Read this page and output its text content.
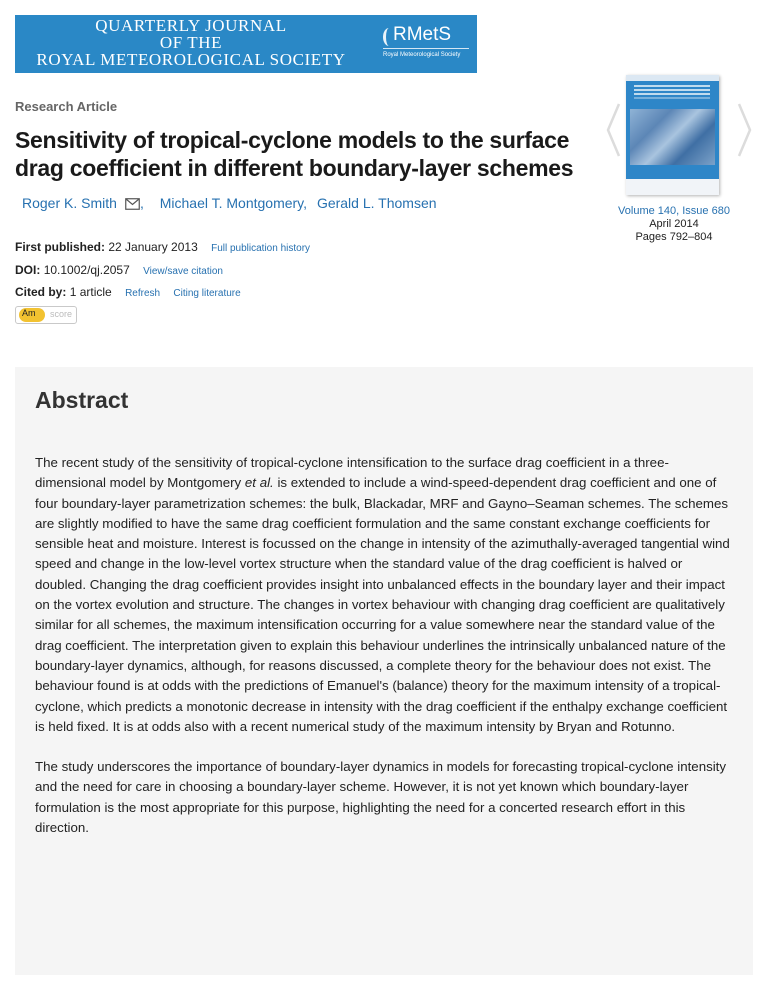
QUARTERLY JOURNAL
OF THE
ROYAL METEOROLOGICAL SOCIETY
RMetS
Royal Meteorological Society
Research Article
Sensitivity of tropical-cyclone models to the surface drag coefficient in different boundary-layer schemes
Roger K. Smith , Michael T. Montgomery, Gerald L. Thomsen
First published: 22 January 2013 Full publication history
DOI: 10.1002/qj.2057 View/save citation
Cited by: 1 article Refresh Citing literature
Am score
Volume 140, Issue 680
April 2014
Pages 792–804
Abstract

The recent study of the sensitivity of tropical-cyclone intensification to the surface drag coefficient in a three-dimensional model by Montgomery et al. is extended to include a wind-speed-dependent drag coefficient and one of four boundary-layer parametrization schemes: the bulk, Blackadar, MRF and Gayno–Seaman schemes. The schemes are slightly modified to have the same drag coefficient formulation and the same constant exchange coefficients for sensible heat and moisture. Interest is focussed on the change in intensity of the azimuthally-averaged tangential wind speed and change in the low-level vortex structure when the standard value of the drag coefficient is halved or doubled. Changing the drag coefficient provides insight into unbalanced effects in the boundary layer and their impact on the vortex evolution and structure. The changes in vortex behaviour with changing drag coefficient are qualitatively similar for all schemes, the maximum intensification occurring for a value somewhere near the standard value of the drag coefficient. The interpretation given to explain this behaviour underlines the intrinsically unbalanced nature of the boundary-layer dynamics, although, for reasons discussed, a complete theory for the behaviour does not exist. The behaviour found is at odds with the predictions of Emanuel's (balance) theory for the maximum intensity of a tropical-cyclone, which predicts a monotonic decrease in intensity with the drag coefficient if the enthalpy exchange coefficient is held fixed. It is at odds also with a recent numerical study of the maximum intensity by Bryan and Rotunno.

The study underscores the importance of boundary-layer dynamics in models for forecasting tropical-cyclone intensity and the need for care in choosing a boundary-layer scheme. However, it is not yet known which boundary-layer formulation is the most appropriate for this purpose, highlighting the need for a concerted research effort in this direction.
